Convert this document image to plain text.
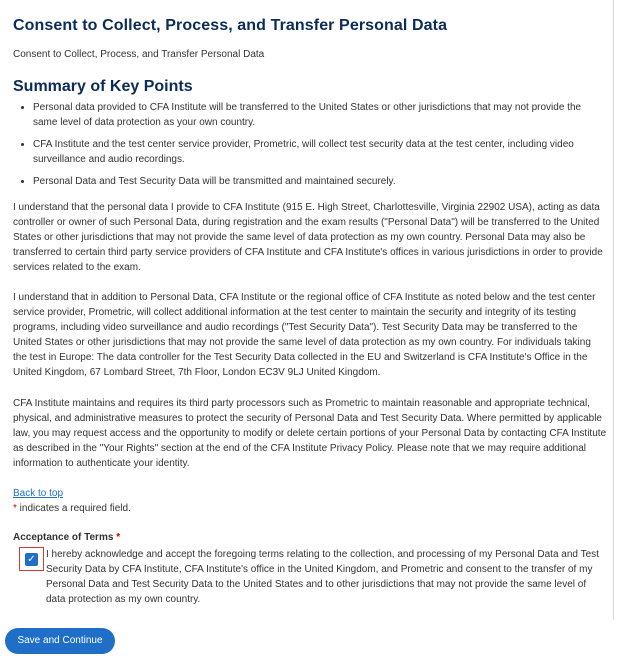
Consent to Collect, Process, and Transfer Personal Data
Consent to Collect, Process, and Transfer Personal Data
Summary of Key Points
• Personal data provided to CFA Institute will be transferred to the United States or other jurisdictions that may not provide the same level of data protection as your own country.
• CFA Institute and the test center service provider, Prometric, will collect test security data at the test center, including video surveillance and audio recordings.
• Personal Data and Test Security Data will be transmitted and maintained securely.

I understand that the personal data I provide to CFA Institute (915 E. High Street, Charlottesville, Virginia 22902 USA), acting as data controller or owner of such Personal Data, during registration and the exam results ("Personal Data") will be transferred to the United States or other jurisdictions that may not provide the same level of data protection as my own country. Personal Data may also be transferred to certain third party service providers of CFA Institute and CFA Institute's offices in various jurisdictions in order to provide services related to the exam.

I understand that in addition to Personal Data, CFA Institute or the regional office of CFA Institute as noted below and the test center service provider, Prometric, will collect additional information at the test center to maintain the security and integrity of its testing programs, including video surveillance and audio recordings ("Test Security Data"). Test Security Data may be transferred to the United States or other jurisdictions that may not provide the same level of data protection as my own country. For individuals taking the test in Europe: The data controller for the Test Security Data collected in the EU and Switzerland is CFA Institute's Office in the United Kingdom, 67 Lombard Street, 7th Floor, London EC3V 9LJ United Kingdom.

CFA Institute maintains and requires its third party processors such as Prometric to maintain reasonable and appropriate technical, physical, and administrative measures to protect the security of Personal Data and Test Security Data. Where permitted by applicable law, you may request access and the opportunity to modify or delete certain portions of your Personal Data by contacting CFA Institute as described in the "Your Rights" section at the end of the CFA Institute Privacy Policy. Please note that we may require additional information to authenticate your identity.

Back to top
* indicates a required field.
Acceptance of Terms *
✓ I hereby acknowledge and accept the foregoing terms relating to the collection, and processing of my Personal Data and Test Security Data by CFA Institute, CFA Institute's office in the United Kingdom, and Prometric and consent to the transfer of my Personal Data and Test Security Data to the United States and to other jurisdictions that may not provide the same level of data protection as my own country.

Save and Continue
